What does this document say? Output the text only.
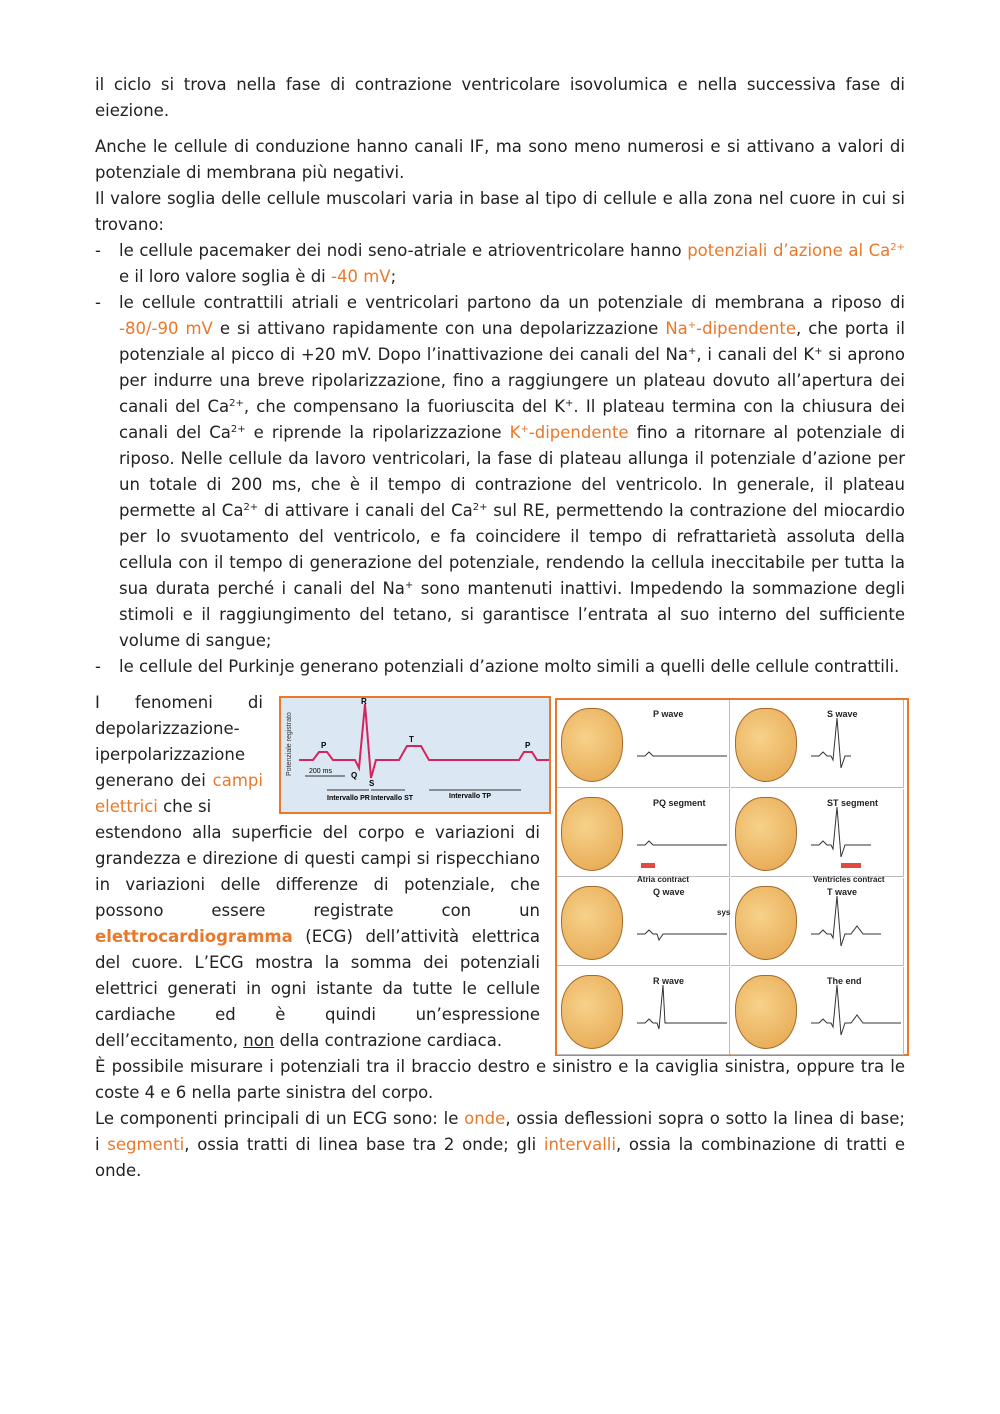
il ciclo si trova nella fase di contrazione ventricolare isovolumica e nella successiva fase di eiezione.

Anche le cellule di conduzione hanno canali IF, ma sono meno numerosi e si attivano a valori di potenziale di membrana più negativi.

Il valore soglia delle cellule muscolari varia in base al tipo di cellule e alla zona nel cuore in cui si trovano:

- le cellule pacemaker dei nodi seno-atriale e atrioventricolare hanno potenziali d’azione al $Ca^{2+}$ e il loro valore soglia è di -40 mV;
- le cellule contrattili atriali e ventricolari partono da un potenziale di membrana a riposo di -80/-90 mV e si attivano rapidamente con una depolarizzazione Na+-dipendente, che porta il potenziale al picco di +20 mV. Dopo l’inattivazione dei canali del Na+, i canali del K+ si aprono per indurre una breve ripolarizzazione, fino a raggiungere un plateau dovuto all’apertura dei canali del $Ca^{2+}$, che compensano la fuoriuscita del K+. Il plateau termina con la chiusura dei canali del $Ca^{2+}$ e riprende la ripolarizzazione K+-dipendente fino a ritornare al potenziale di riposo. Nelle cellule da lavoro ventricolari, la fase di plateau allunga il potenziale d’azione per un totale di 200 ms, che è il tempo di contrazione del ventricolo. In generale, il plateau permette al $Ca^{2+}$ di attivare i canali del $Ca^{2+}$ sul RE, permettendo la contrazione del miocardio per lo svuotamento del ventricolo, e fa coincidere il tempo di refrattarietà assoluta della cellula con il tempo di generazione del potenziale, rendendo la cellula ineccitabile per tutta la sua durata perché i canali del Na+ sono mantenuti inattivi. Impedendo la sommazione degli stimoli e il raggiungimento del tetano, si garantisce l’entrata al suo interno del sufficiente volume di sangue;
- le cellule del Purkinje generano potenziali d’azione molto simili a quelli delle cellule contrattili.
I fenomeni di depolarizzazione-iperpolarizzazione generano dei campi elettrici che si
Potenziale registrato	P
R
Q
S
T
P
200 ms
Intervallo PR Intervallo ST	Intervallo TP
P wave	S wave
PQ segment
Atria contract
ST segment
Ventricles contract
Q wave	T wave
R wave	The end
sys

estendono alla superficie del corpo e variazioni di grandezza e direzione di questi campi si rispecchiano in variazioni delle differenze di potenziale, che possono essere registrate con un elettrocardiogramma (ECG) dell’attività elettrica del cuore. L’ECG mostra la somma dei potenziali elettrici generati in ogni istante da tutte le cellule cardiache ed è quindi un’espressione dell’eccitamento, non della contrazione cardiaca.

È possibile misurare i potenziali tra il braccio destro e sinistro e la caviglia sinistra, oppure tra le coste 4 e 6 nella parte sinistra del corpo.

Le componenti principali di un ECG sono: le onde, ossia deflessioni sopra o sotto la linea di base; i segmenti, ossia tratti di linea base tra 2 onde; gli intervalli, ossia la combinazione di tratti e onde.
